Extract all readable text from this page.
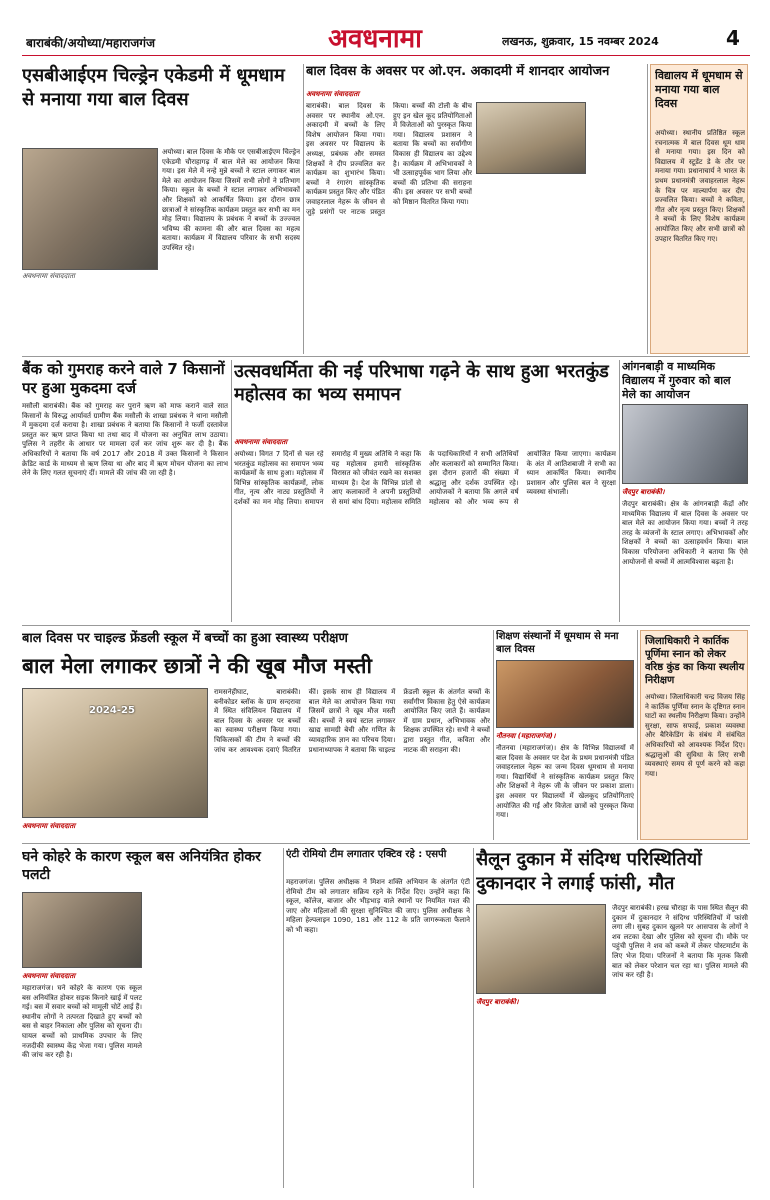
बाराबंकी/अयोध्या/महाराजगंज	अवधनामा	लखनऊ, शुक्रवार, 15 नवम्बर 2024	4
एसबीआईएम चिल्ड्रेन एकेडमी में धूमधाम से मनाया गया बाल दिवस
अवधनामा संवाददाता
अयोध्या। बाल दिवस के मौके पर एसबीआईएम चिल्ड्रेन एकेडमी चौराहागढ़ में बाल मेले का आयोजन किया गया। इस मेले में नन्हे मुन्ने बच्चों ने स्टाल लगाकर बाल मेले का आयोजन किया जिसमें सभी लोगों ने प्रतिभाग किया। स्कूल के बच्चों ने स्टाल लगाकर अभिभावकों और शिक्षकों को आकर्षित किया। इस दौरान छात्र छात्राओं ने सांस्कृतिक कार्यक्रम प्रस्तुत कर सभी का मन मोह लिया। विद्यालय के प्रबंधक ने बच्चों के उज्ज्वल भविष्य की कामना की और बाल दिवस का महत्व बताया। कार्यक्रम में विद्यालय परिवार के सभी सदस्य उपस्थित रहे।
बाल दिवस के अवसर पर ओ.एन. अकादमी में शानदार आयोजन
अवधनामा संवाददाता
बाराबंकी। बाल दिवस के अवसर पर स्थानीय ओ.एन. अकादमी में बच्चों के लिए विशेष आयोजन किया गया। इस अवसर पर विद्यालय के अध्यक्ष, प्रबंधक और समस्त शिक्षकों ने दीप प्रज्वलित कर कार्यक्रम का शुभारंभ किया। बच्चों ने रंगारंग सांस्कृतिक कार्यक्रम प्रस्तुत किए और पंडित जवाहरलाल नेहरू के जीवन से जुड़े प्रसंगों पर नाटक प्रस्तुत किया। बच्चों की टोली के बीच हुए इन खेल कूद प्रतियोगिताओं में विजेताओं को पुरस्कृत किया गया। विद्यालय प्रशासन ने बताया कि बच्चों का सर्वांगीण विकास ही विद्यालय का उद्देश्य है। कार्यक्रम में अभिभावकों ने भी उत्साहपूर्वक भाग लिया और बच्चों की प्रतिभा की सराहना की। इस अवसर पर सभी बच्चों को मिष्ठान वितरित किया गया।
विद्यालय में धूमधाम से मनाया गया बाल दिवस
अयोध्या। स्थानीय प्रतिष्ठित स्कूल रचनात्मक में बाल दिवस धूम धाम से मनाया गया। इस दिन को विद्यालय में स्टूडेंट डे के तौर पर मनाया गया। प्रधानाचार्य ने भारत के प्रथम प्रधानमंत्री जवाहरलाल नेहरू के चित्र पर माल्यार्पण कर दीप प्रज्वलित किया। बच्चों ने कविता, गीत और नृत्य प्रस्तुत किए। शिक्षकों ने बच्चों के लिए विशेष कार्यक्रम आयोजित किए और सभी छात्रों को उपहार वितरित किए गए।
बैंक को गुमराह करने वाले 7 किसानों पर हुआ मुकदमा दर्ज
मसौली बाराबंकी। बैंक को गुमराह कर पुराने ऋण को माफ कराने वाले सात किसानों के विरुद्ध आर्यावर्त ग्रामीण बैंक मसौली के शाखा प्रबंधक ने थाना मसौली में मुकदमा दर्ज कराया है। शाखा प्रबंधक ने बताया कि किसानों ने फर्जी दस्तावेज प्रस्तुत कर ऋण प्राप्त किया था तथा बाद में योजना का अनुचित लाभ उठाया। पुलिस ने तहरीर के आधार पर मामला दर्ज कर जांच शुरू कर दी है। बैंक अधिकारियों ने बताया कि वर्ष 2017 और 2018 में उक्त किसानों ने किसान क्रेडिट कार्ड के माध्यम से ऋण लिया था और बाद में ऋण मोचन योजना का लाभ लेने के लिए गलत सूचनाएं दीं। मामले की जांच की जा रही है।
उत्सवधर्मिता की नई परिभाषा गढ़ने के साथ हुआ भरतकुंड महोत्सव का भव्य समापन
अवधनामा संवाददाता
अयोध्या। विगत 7 दिनों से चल रहे भरतकुंड महोत्सव का समापन भव्य कार्यक्रमों के साथ हुआ। महोत्सव में विभिन्न सांस्कृतिक कार्यक्रमों, लोक गीत, नृत्य और नाट्य प्रस्तुतियों ने दर्शकों का मन मोह लिया। समापन समारोह में मुख्य अतिथि ने कहा कि यह महोत्सव हमारी सांस्कृतिक विरासत को जीवंत रखने का सशक्त माध्यम है। देश के विभिन्न प्रांतों से आए कलाकारों ने अपनी प्रस्तुतियों से समां बांध दिया। महोत्सव समिति के पदाधिकारियों ने सभी अतिथियों और कलाकारों को सम्मानित किया। इस दौरान हजारों की संख्या में श्रद्धालु और दर्शक उपस्थित रहे। आयोजकों ने बताया कि अगले वर्ष महोत्सव को और भव्य रूप से आयोजित किया जाएगा। कार्यक्रम के अंत में आतिशबाजी ने सभी का ध्यान आकर्षित किया। स्थानीय प्रशासन और पुलिस बल ने सुरक्षा व्यवस्था संभाली।
आंगनबाड़ी व माध्यमिक विद्यालय में गुरुवार को बाल मेले का आयोजन
जैदपुर बाराबंकी।
जैदपुर बाराबंकी। क्षेत्र के आंगनबाड़ी केंद्रों और माध्यमिक विद्यालय में बाल दिवस के अवसर पर बाल मेले का आयोजन किया गया। बच्चों ने तरह तरह के व्यंजनों के स्टाल लगाए। अभिभावकों और शिक्षकों ने बच्चों का उत्साहवर्धन किया। बाल विकास परियोजना अधिकारी ने बताया कि ऐसे आयोजनों से बच्चों में आत्मविश्वास बढ़ता है।
बाल दिवस पर चाइल्ड फ्रेंडली स्कूल में बच्चों का हुआ स्वास्थ्य परीक्षण
बाल मेला लगाकर छात्रों ने की खूब मौज मस्ती
2024-25
अवधनामा संवाददाता
रामसनेहीघाट, बाराबंकी। बनीकोडर ब्लॉक के ग्राम सन्दरावा में स्थित संविलियन विद्यालय में बाल दिवस के अवसर पर बच्चों का स्वास्थ्य परीक्षण किया गया। चिकित्सकों की टीम ने बच्चों की जांच कर आवश्यक दवाएं वितरित कीं। इसके साथ ही विद्यालय में बाल मेले का आयोजन किया गया जिसमें छात्रों ने खूब मौज मस्ती की। बच्चों ने स्वयं स्टाल लगाकर खाद्य सामग्री बेची और गणित के व्यावहारिक ज्ञान का परिचय दिया। प्रधानाध्यापक ने बताया कि चाइल्ड फ्रेंडली स्कूल के अंतर्गत बच्चों के सर्वांगीण विकास हेतु ऐसे कार्यक्रम आयोजित किए जाते हैं। कार्यक्रम में ग्राम प्रधान, अभिभावक और शिक्षक उपस्थित रहे। सभी ने बच्चों द्वारा प्रस्तुत गीत, कविता और नाटक की सराहना की।
शिक्षण संस्थानों में धूमधाम से मना बाल दिवस
नौतनवा (महाराजगंज)।
नौतनवा (महाराजगंज)। क्षेत्र के विभिन्न विद्यालयों में बाल दिवस के अवसर पर देश के प्रथम प्रधानमंत्री पंडित जवाहरलाल नेहरू का जन्म दिवस धूमधाम से मनाया गया। विद्यार्थियों ने सांस्कृतिक कार्यक्रम प्रस्तुत किए और शिक्षकों ने नेहरू जी के जीवन पर प्रकाश डाला। इस अवसर पर विद्यालयों में खेलकूद प्रतियोगिताएं आयोजित की गईं और विजेता छात्रों को पुरस्कृत किया गया।
जिलाधिकारी ने कार्तिक पूर्णिमा स्नान को लेकर वरिष्ठ कुंड का किया स्थलीय निरीक्षण
अयोध्या। जिलाधिकारी चन्द्र विजय सिंह ने कार्तिक पूर्णिमा स्नान के दृष्टिगत स्नान घाटों का स्थलीय निरीक्षण किया। उन्होंने सुरक्षा, साफ सफाई, प्रकाश व्यवस्था और बैरिकेडिंग के संबंध में संबंधित अधिकारियों को आवश्यक निर्देश दिए। श्रद्धालुओं की सुविधा के लिए सभी व्यवस्थाएं समय से पूर्ण करने को कहा गया।
घने कोहरे के कारण स्कूल बस अनियंत्रित होकर पलटी
अवधनामा संवाददाता
महाराजगंज। घने कोहरे के कारण एक स्कूल बस अनियंत्रित होकर सड़क किनारे खाई में पलट गई। बस में सवार बच्चों को मामूली चोटें आई हैं। स्थानीय लोगों ने तत्परता दिखाते हुए बच्चों को बस से बाहर निकाला और पुलिस को सूचना दी। घायल बच्चों को प्राथमिक उपचार के लिए नजदीकी स्वास्थ्य केंद्र भेजा गया। पुलिस मामले की जांच कर रही है।
एंटी रोमियो टीम लगातार एक्टिव रहे : एसपी
महराजगंज। पुलिस अधीक्षक ने मिशन शक्ति अभियान के अंतर्गत एंटी रोमियो टीम को लगातार सक्रिय रहने के निर्देश दिए। उन्होंने कहा कि स्कूल, कॉलेज, बाजार और भीड़भाड़ वाले स्थानों पर नियमित गश्त की जाए और महिलाओं की सुरक्षा सुनिश्चित की जाए। पुलिस अधीक्षक ने महिला हेल्पलाइन 1090, 181 और 112 के प्रति जागरूकता फैलाने को भी कहा।
सैलून दुकान में संदिग्ध परिस्थितियों दुकानदार ने लगाई फांसी, मौत
जैदपुर बाराबंकी।
जैदपुर बाराबंकी। हरख चौराहा के पास स्थित सैलून की दुकान में दुकानदार ने संदिग्ध परिस्थितियों में फांसी लगा ली। सुबह दुकान खुलने पर आसपास के लोगों ने शव लटका देखा और पुलिस को सूचना दी। मौके पर पहुंची पुलिस ने शव को कब्जे में लेकर पोस्टमार्टम के लिए भेज दिया। परिजनों ने बताया कि मृतक किसी बात को लेकर परेशान चल रहा था। पुलिस मामले की जांच कर रही है।
